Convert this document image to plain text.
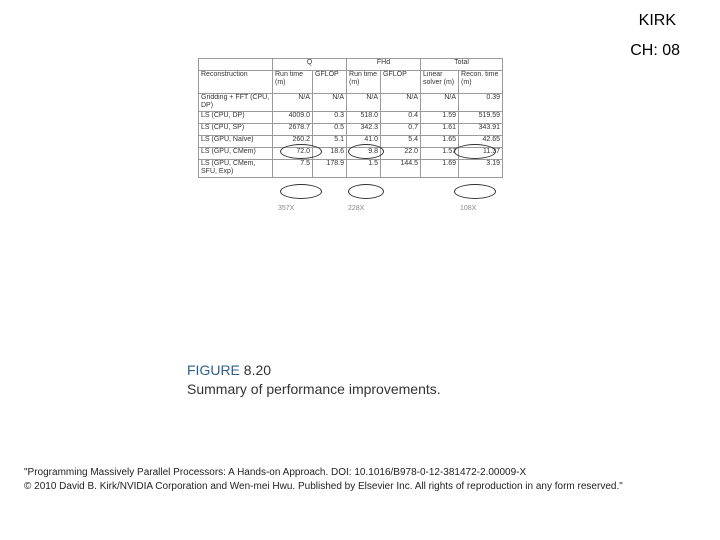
KIRK
CH: 08
	Q		FHd		Total	
Reconstruction	Run time (m)	GFLOP	Run time (m)	GFLOP	Linear solver (m)	Recon. time (m)
Gridding + FFT (CPU, DP)	N/A	N/A	N/A	N/A	N/A	0.39
LS (CPU, DP)	4009.0	0.3	518.0	0.4	1.59	519.59
LS (CPU, SP)	2678.7	0.5	342.3	0.7	1.61	343.91
LS (GPU, Naïve)	260.2	5.1	41.0	5.4	1.65	42.65
LS (GPU, CMem)	72.0	18.6	9.8	22.0	1.57	11.37
LS (GPU, CMem, SFU, Exp)	7.5	178.9	1.5	144.5	1.69	3.19
357X	228X	108X
FIGURE 8.20
Summary of performance improvements.
"Programming Massively Parallel Processors: A Hands-on Approach. DOI: 10.1016/B978-0-12-381472-2.00009-X
© 2010 David B. Kirk/NVIDIA Corporation and Wen-mei Hwu. Published by Elsevier Inc. All rights of reproduction in any form reserved."
